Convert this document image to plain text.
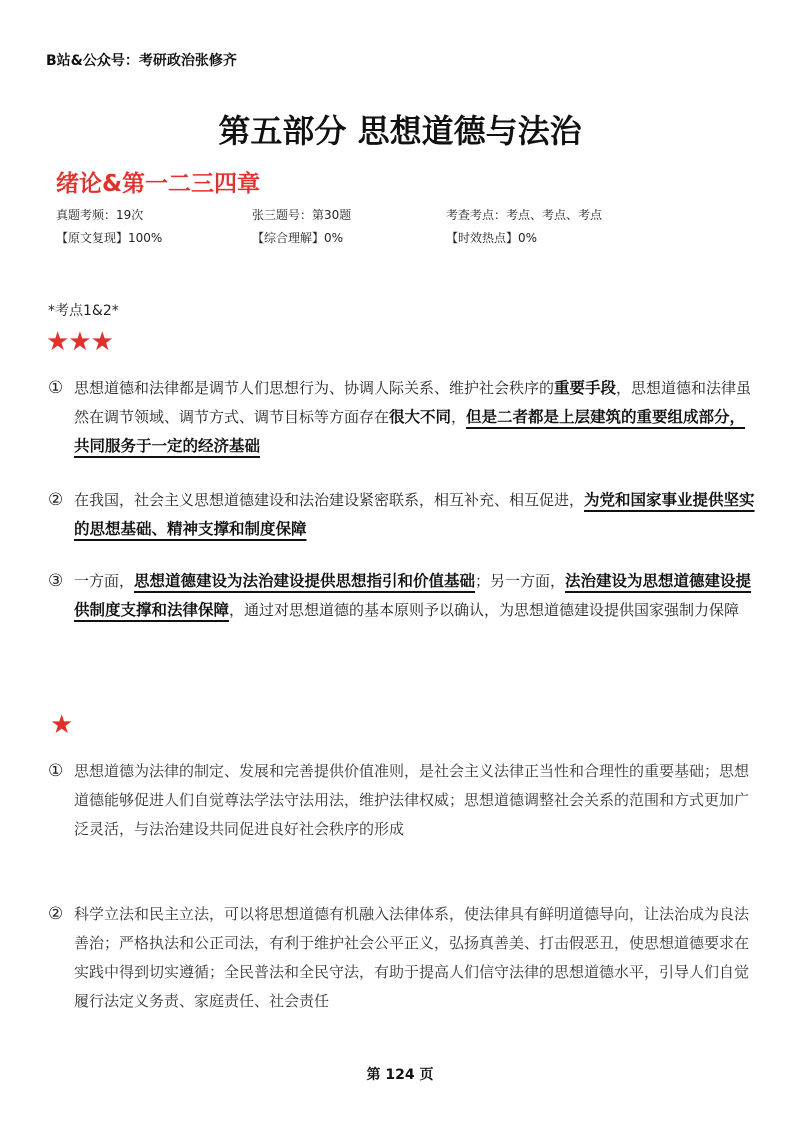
B站&公众号：考研政治张修齐
第五部分 思想道德与法治
绪论&第一二三四章
真题考频：19次	张三题号：第30题	考查考点：考点、考点、考点
【原文复现】100%	【综合理解】0%	【时效热点】0%
*考点1&2*
★★★
① 思想道德和法律都是调节人们思想行为、协调人际关系、维护社会秩序的重要手段，思想道德和法律虽然在调节领域、调节方式、调节目标等方面存在很大不同，但是二者都是上层建筑的重要组成部分，共同服务于一定的经济基础
② 在我国，社会主义思想道德建设和法治建设紧密联系，相互补充、相互促进，为党和国家事业提供坚实的思想基础、精神支撑和制度保障
③ 一方面，思想道德建设为法治建设提供思想指引和价值基础；另一方面，法治建设为思想道德建设提供制度支撑和法律保障，通过对思想道德的基本原则予以确认，为思想道德建设提供国家强制力保障
★
① 思想道德为法律的制定、发展和完善提供价值准则，是社会主义法律正当性和合理性的重要基础；思想道德能够促进人们自觉尊法学法守法用法，维护法律权威；思想道德调整社会关系的范围和方式更加广泛灵活，与法治建设共同促进良好社会秩序的形成
② 科学立法和民主立法，可以将思想道德有机融入法律体系，使法律具有鲜明道德导向，让法治成为良法善治；严格执法和公正司法，有利于维护社会公平正义，弘扬真善美、打击假恶丑，使思想道德要求在实践中得到切实遵循；全民普法和全民守法，有助于提高人们信守法律的思想道德水平，引导人们自觉履行法定义务责、家庭责任、社会责任
第 124 页
